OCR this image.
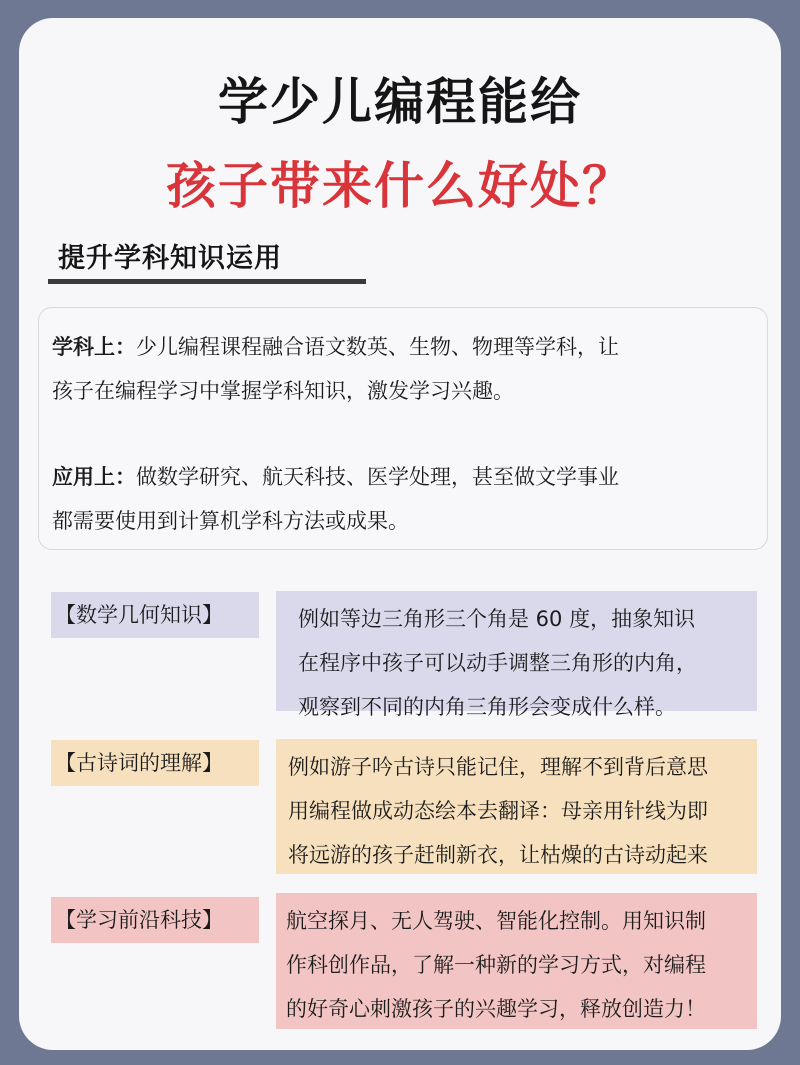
学少儿编程能给
孩子带来什么好处？
提升学科知识运用
学科上：少儿编程课程融合语文数英、生物、物理等学科，让
孩子在编程学习中掌握学科知识，激发学习兴趣。
应用上：做数学研究、航天科技、医学处理，甚至做文学事业
都需要使用到计算机学科方法或成果。
【数学几何知识】	例如等边三角形三个角是 60 度，抽象知识
在程序中孩子可以动手调整三角形的内角，
观察到不同的内角三角形会变成什么样。
【古诗词的理解】	例如游子吟古诗只能记住，理解不到背后意思
用编程做成动态绘本去翻译：母亲用针线为即
将远游的孩子赶制新衣，让枯燥的古诗动起来
【学习前沿科技】	航空探月、无人驾驶、智能化控制。用知识制
作科创作品，了解一种新的学习方式，对编程
的好奇心刺激孩子的兴趣学习，释放创造力！
